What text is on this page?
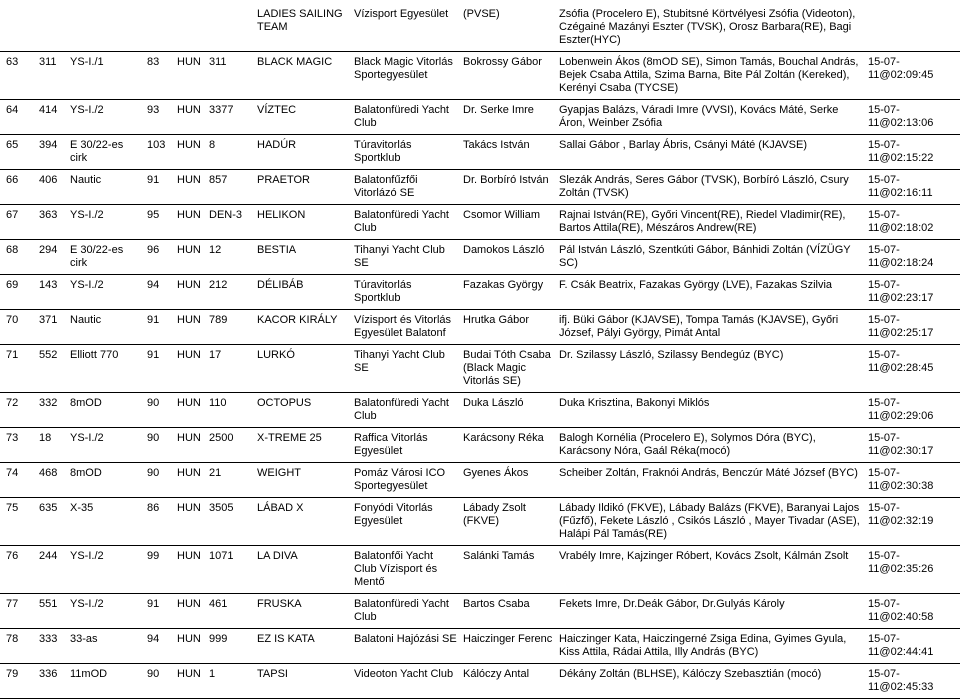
						LADIES SAILING TEAM	Vízisport Egyesület	(PVSE)	Zsófia (Procelero E), Stubitsné Körtvélyesi Zsófia (Videoton), Czégainé Mazányi Eszter (TVSK), Orosz Barbara(RE), Bagi Eszter(HYC)	
63	311	YS-I./1	83	HUN	311	BLACK MAGIC	Black Magic Vitorlás Sportegyesület	Bokrossy Gábor	Lobenwein Ákos (8mOD SE), Simon Tamás, Bouchal András, Bejek Csaba Attila, Szima Barna, Bite Pál Zoltán (Kereked), Kerényi Csaba (TYCSE)	15-07-11@02:09:45
64	414	YS-I./2	93	HUN	3377	VÍZTEC	Balatonfüredi Yacht Club	Dr. Serke Imre	Gyapjas Balázs, Váradi Imre (VVSI), Kovács Máté, Serke Áron, Weinber Zsófia	15-07-11@02:13:06
65	394	E 30/22-es cirk	103	HUN	8	HADÚR	Túravitorlás Sportklub	Takács István	Sallai Gábor , Barlay Ábris, Csányi Máté (KJAVSE)	15-07-11@02:15:22
66	406	Nautic	91	HUN	857	PRAETOR	Balatonfűzfői Vitorlázó SE	Dr. Borbíró István	Slezák András, Seres Gábor (TVSK), Borbíró László, Csury Zoltán (TVSK)	15-07-11@02:16:11
67	363	YS-I./2	95	HUN	DEN-3	HELIKON	Balatonfüredi Yacht Club	Csomor William	Rajnai István(RE), Győri Vincent(RE), Riedel Vladimir(RE), Bartos Attila(RE), Mészáros Andrew(RE)	15-07-11@02:18:02
68	294	E 30/22-es cirk	96	HUN	12	BESTIA	Tihanyi Yacht Club SE	Damokos László	Pál István László, Szentkúti Gábor, Bánhidi Zoltán (VÍZÜGY SC)	15-07-11@02:18:24
69	143	YS-I./2	94	HUN	212	DÉLIBÁB	Túravitorlás Sportklub	Fazakas György	F. Csák Beatrix, Fazakas György (LVE), Fazakas Szilvia	15-07-11@02:23:17
70	371	Nautic	91	HUN	789	KACOR KIRÁLY	Vízisport és Vitorlás Egyesület Balatonf	Hrutka Gábor	ifj. Büki Gábor (KJAVSE), Tompa Tamás (KJAVSE), Győri József, Pályi György, Pimát Antal	15-07-11@02:25:17
71	552	Elliott 770	91	HUN	17	LURKÓ	Tihanyi Yacht Club SE	Budai Tóth Csaba (Black Magic Vitorlás SE)	Dr. Szilassy László, Szilassy Bendegúz (BYC)	15-07-11@02:28:45
72	332	8mOD	90	HUN	110	OCTOPUS	Balatonfüredi Yacht Club	Duka László	Duka Krisztina, Bakonyi Miklós	15-07-11@02:29:06
73	18	YS-I./2	90	HUN	2500	X-TREME 25	Raffica Vitorlás Egyesület	Karácsony Réka	Balogh Kornélia (Procelero E), Solymos Dóra (BYC), Karácsony Nóra, Gaál Réka(mocó)	15-07-11@02:30:17
74	468	8mOD	90	HUN	21	WEIGHT	Pomáz Városi ICO Sportegyesület	Gyenes Ákos	Scheiber Zoltán, Fraknói András, Benczúr Máté József (BYC)	15-07-11@02:30:38
75	635	X-35	86	HUN	3505	LÁBAD X	Fonyódi Vitorlás Egyesület	Lábady Zsolt (FKVE)	Lábady Ildikó (FKVE), Lábady Balázs (FKVE), Baranyai Lajos (Fűzfő), Fekete László , Csikós László , Mayer Tivadar (ASE), Halápi Pál Tamás(RE)	15-07-11@02:32:19
76	244	YS-I./2	99	HUN	1071	LA DIVA	Balatonfői Yacht Club Vízisport és Mentő	Salánki Tamás	Vrabély Imre, Kajzinger Róbert, Kovács Zsolt, Kálmán Zsolt	15-07-11@02:35:26
77	551	YS-I./2	91	HUN	461	FRUSKA	Balatonfüredi Yacht Club	Bartos Csaba	Fekets Imre, Dr.Deák Gábor, Dr.Gulyás Károly	15-07-11@02:40:58
78	333	33-as	94	HUN	999	EZ IS KATA	Balatoni Hajózási SE	Haiczinger Ferenc	Haiczinger Kata, Haiczingerné Zsiga Edina, Gyimes Gyula, Kiss Attila, Rádai Attila, Illy András (BYC)	15-07-11@02:44:41
79	336	11mOD	90	HUN	1	TAPSI	Videoton Yacht Club	Kálóczy Antal	Dékány Zoltán (BLHSE), Kálóczy Szebasztián (mocó)	15-07-11@02:45:33
